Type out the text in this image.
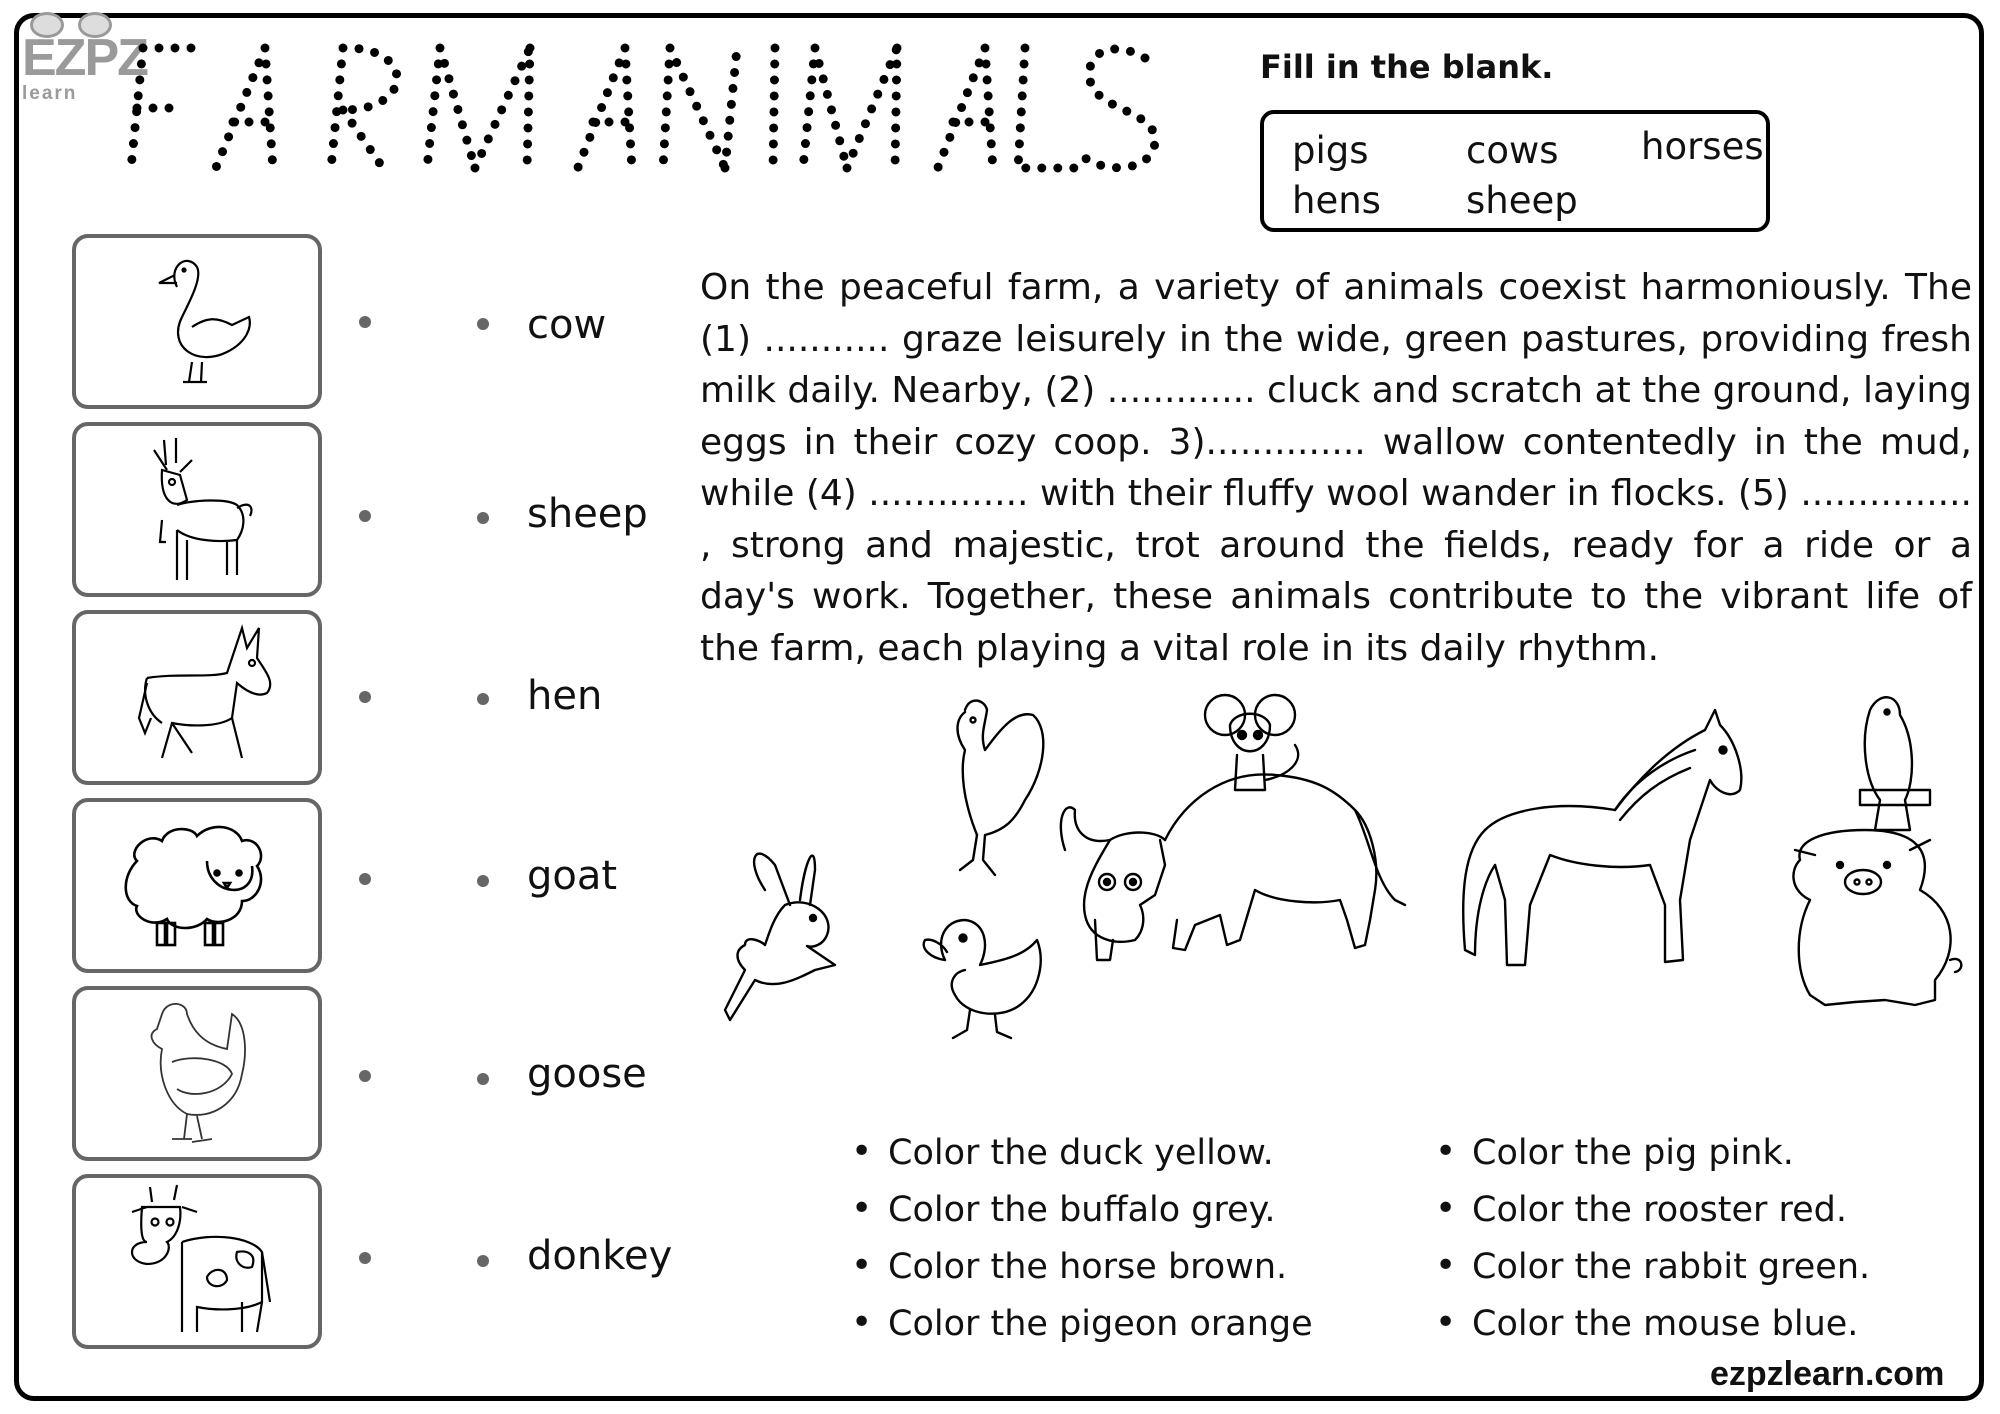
EZPZ
learn
Fill in the blank.
pigs	cows horses
hens sheep
cow
sheep
hen
goat
goose
donkey
On the peaceful farm, a variety of animals coexist harmoniously. The (1) ........... graze leisurely in the wide, green pastures, providing fresh milk daily. Nearby, (2) ............. cluck and scratch at the ground, laying eggs in their cozy coop. 3).............. wallow contentedly in the mud, while (4) .............. with their fluffy wool wander in flocks. (5) ............... , strong and majestic, trot around the fields, ready for a ride or a day's work. Together, these animals contribute to the vibrant life of the farm, each playing a vital role in its daily rhythm.
• Color the duck yellow.
• Color the buffalo grey.
• Color the horse brown.
• Color the pigeon orange
• Color the pig pink.
• Color the rooster red.
• Color the rabbit green.
• Color the mouse blue.
ezpzlearn.com
